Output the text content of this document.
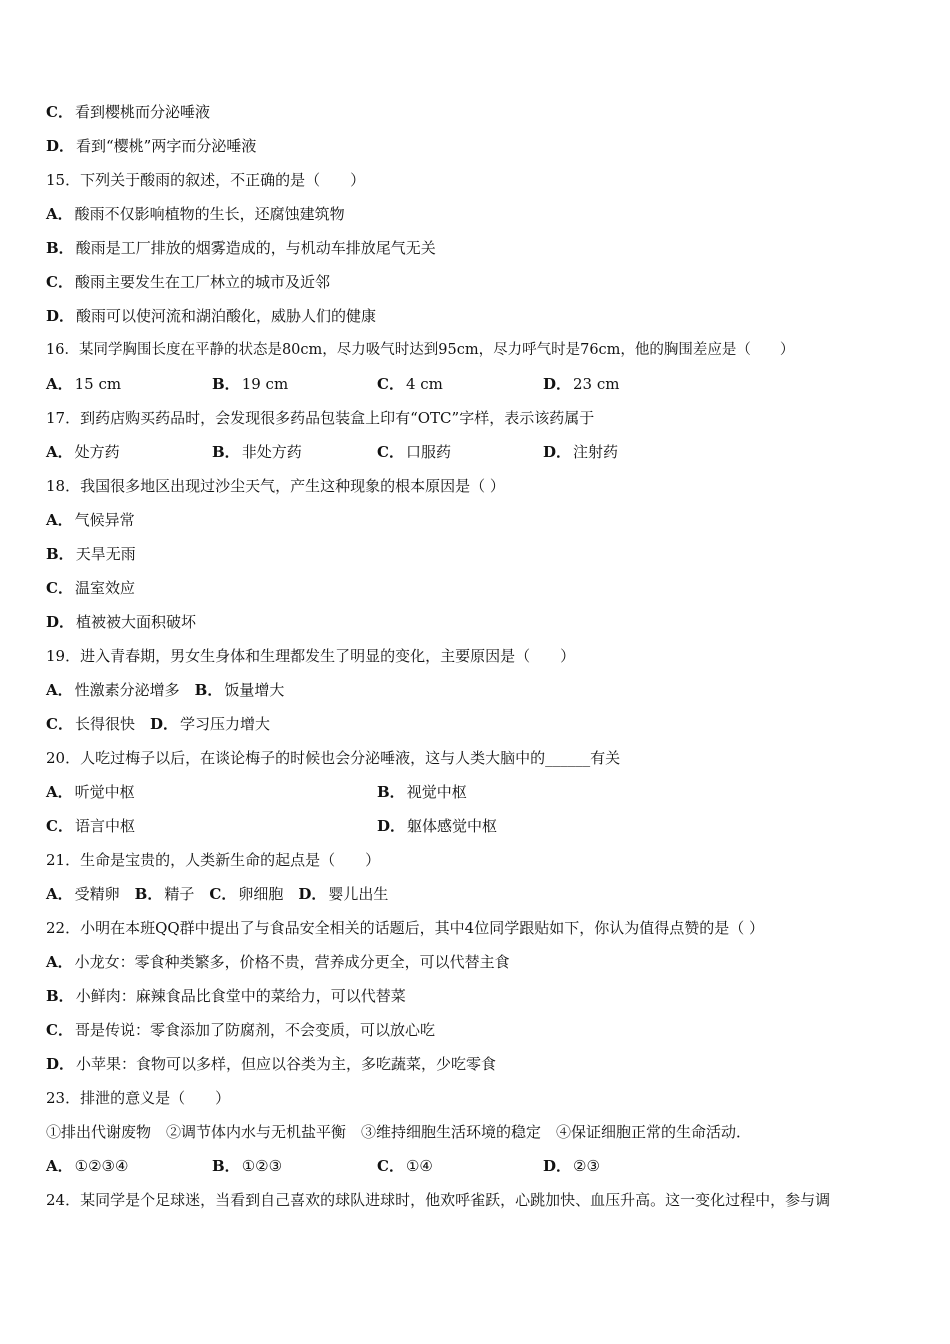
C． 看到樱桃而分泌唾液
D． 看到“樱桃”两字而分泌唾液
15．下列关于酸雨的叙述，不正确的是（　　）
A． 酸雨不仅影响植物的生长，还腐蚀建筑物
B． 酸雨是工厂排放的烟雾造成的，与机动车排放尾气无关
C． 酸雨主要发生在工厂林立的城市及近邻
D． 酸雨可以使河流和湖泊酸化，威胁人们的健康
16．某同学胸围长度在平静的状态是80cm，尽力吸气时达到95cm，尽力呼气时是76cm，他的胸围差应是（　　）

A． 15 cm

	B． 19 cm

	C． 4 cm

	D． 23 cm

17．到药店购买药品时，会发现很多药品包装盒上印有“OTC”字样，表示该药属于

A． 处方药

	B． 非处方药

	C． 口服药

	D． 注射药

18．我国很多地区出现过沙尘天气，产生这种现象的根本原因是（ ）
A． 气候异常
B． 天旱无雨
C． 温室效应
D． 植被被大面积破坏
19．进入青春期，男女生身体和生理都发生了明显的变化，主要原因是（　　）
A． 性激素分泌增多　 B． 饭量增大
C． 长得很快　 D． 学习压力增大
20．人吃过梅子以后，在谈论梅子的时候也会分泌唾液，这与人类大脑中的______有关

A． 听觉中枢

	B． 视觉中枢

C． 语言中枢

	D． 躯体感觉中枢

21．生命是宝贵的，人类新生命的起点是（　　）
A． 受精卵　 B． 精子　 C． 卵细胞　 D． 婴儿出生
22．小明在本班QQ群中提出了与食品安全相关的话题后，其中4位同学跟贴如下，你认为值得点赞的是（ ）
A． 小龙女：零食种类繁多，价格不贵，营养成分更全，可以代替主食
B． 小鲜肉：麻辣食品比食堂中的菜给力，可以代替菜
C． 哥是传说：零食添加了防腐剂，不会变质，可以放心吃
D． 小苹果：食物可以多样，但应以谷类为主，多吃蔬菜，少吃零食
23．排泄的意义是（　　）
①排出代谢废物　②调节体内水与无机盐平衡　③维持细胞生活环境的稳定　④保证细胞正常的生命活动．

A． ①②③④

	B． ①②③

	C． ①④

	D． ②③

24．某同学是个足球迷，当看到自己喜欢的球队进球时，他欢呼雀跃，心跳加快、血压升高。这一变化过程中，参与调
